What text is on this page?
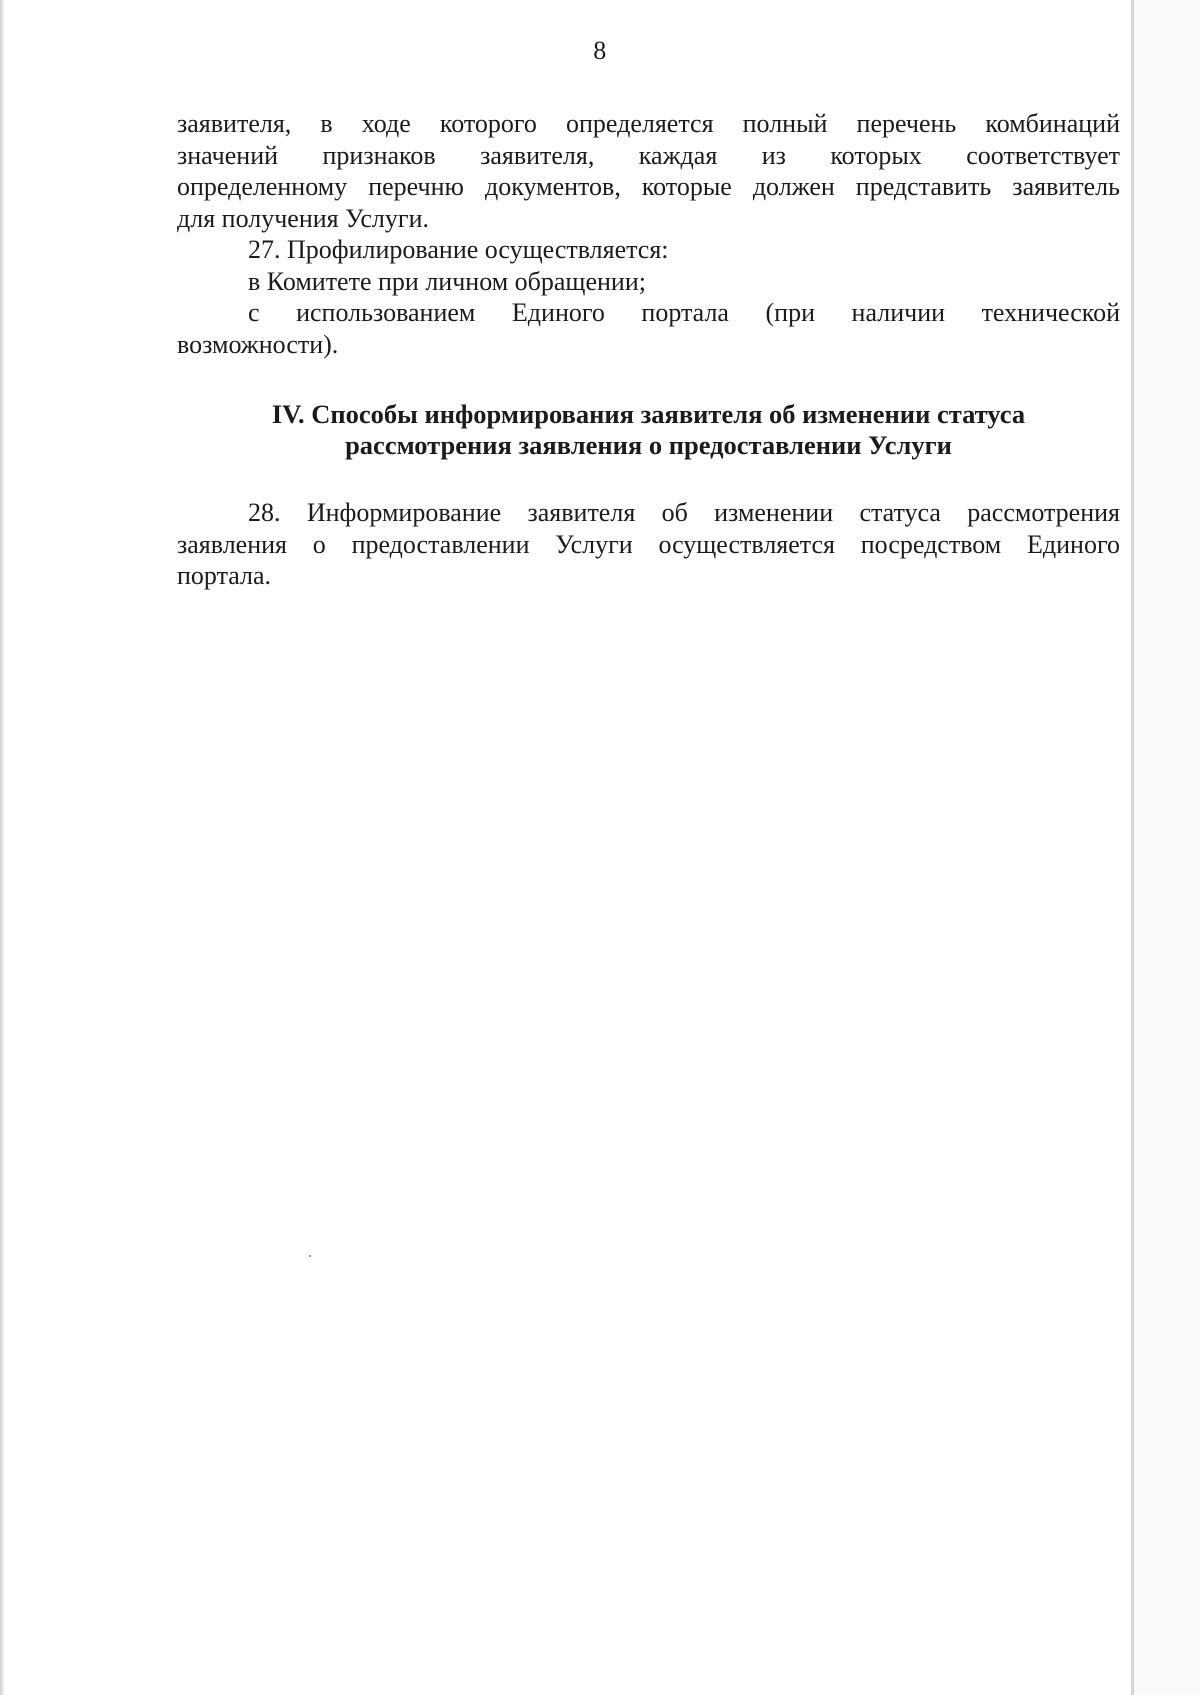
8
заявителя, в ходе которого определяется полный перечень комбинаций
значений признаков заявителя, каждая из которых соответствует
определенному перечню документов, которые должен представить заявитель
для получения Услуги.
27. Профилирование осуществляется:
в Комитете при личном обращении;
с использованием Единого портала (при наличии технической
возможности).
IV. Способы информирования заявителя об изменении статуса
рассмотрения заявления о предоставлении Услуги
28. Информирование заявителя об изменении статуса рассмотрения
заявления о предоставлении Услуги осуществляется посредством Единого
портала.
